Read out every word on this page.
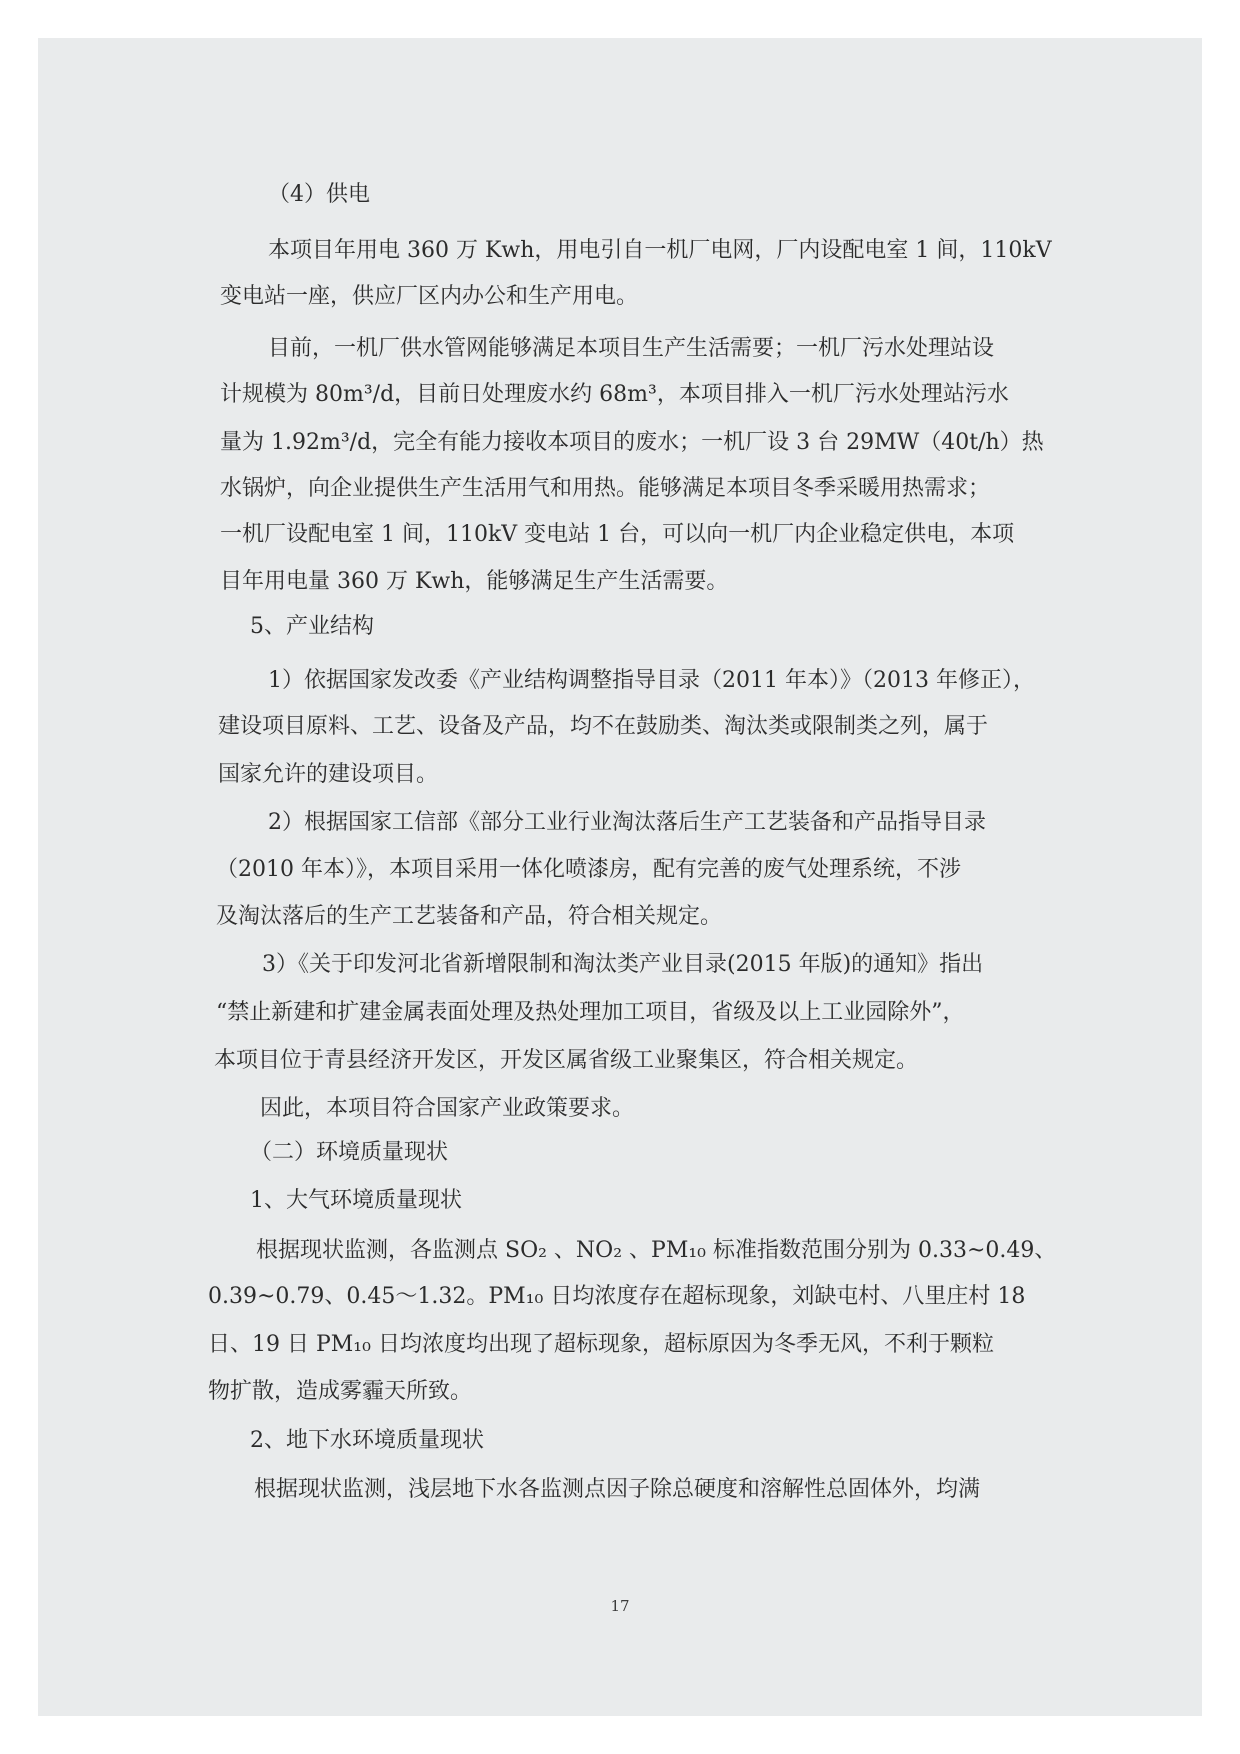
（4）供电
本项目年用电 360 万 Kwh，用电引自一机厂电网，厂内设配电室 1 间，110kV
变电站一座，供应厂区内办公和生产用电。
目前，一机厂供水管网能够满足本项目生产生活需要；一机厂污水处理站设
计规模为 80m³/d，目前日处理废水约 68m³，本项目排入一机厂污水处理站污水
量为 1.92m³/d，完全有能力接收本项目的废水；一机厂设 3 台 29MW（40t/h）热
水锅炉，向企业提供生产生活用气和用热。能够满足本项目冬季采暖用热需求；
一机厂设配电室 1 间，110kV 变电站 1 台，可以向一机厂内企业稳定供电，本项
目年用电量 360 万 Kwh，能够满足生产生活需要。
5、产业结构
1）依据国家发改委《产业结构调整指导目录（2011 年本）》（2013 年修正），
建设项目原料、工艺、设备及产品，均不在鼓励类、淘汰类或限制类之列，属于
国家允许的建设项目。
2）根据国家工信部《部分工业行业淘汰落后生产工艺装备和产品指导目录
（2010 年本）》，本项目采用一体化喷漆房，配有完善的废气处理系统，不涉
及淘汰落后的生产工艺装备和产品，符合相关规定。
3）《关于印发河北省新增限制和淘汰类产业目录(2015 年版)的通知》指出
“禁止新建和扩建金属表面处理及热处理加工项目，省级及以上工业园除外”，
本项目位于青县经济开发区，开发区属省级工业聚集区，符合相关规定。
因此，本项目符合国家产业政策要求。
（二）环境质量现状
1、大气环境质量现状
根据现状监测，各监测点 SO₂ 、NO₂ 、PM₁₀ 标准指数范围分别为 0.33~0.49、
0.39~0.79、0.45～1.32。PM₁₀ 日均浓度存在超标现象，刘缺屯村、八里庄村 18
日、19 日 PM₁₀ 日均浓度均出现了超标现象，超标原因为冬季无风，不利于颗粒
物扩散，造成雾霾天所致。
2、地下水环境质量现状
根据现状监测，浅层地下水各监测点因子除总硬度和溶解性总固体外，均满
17
